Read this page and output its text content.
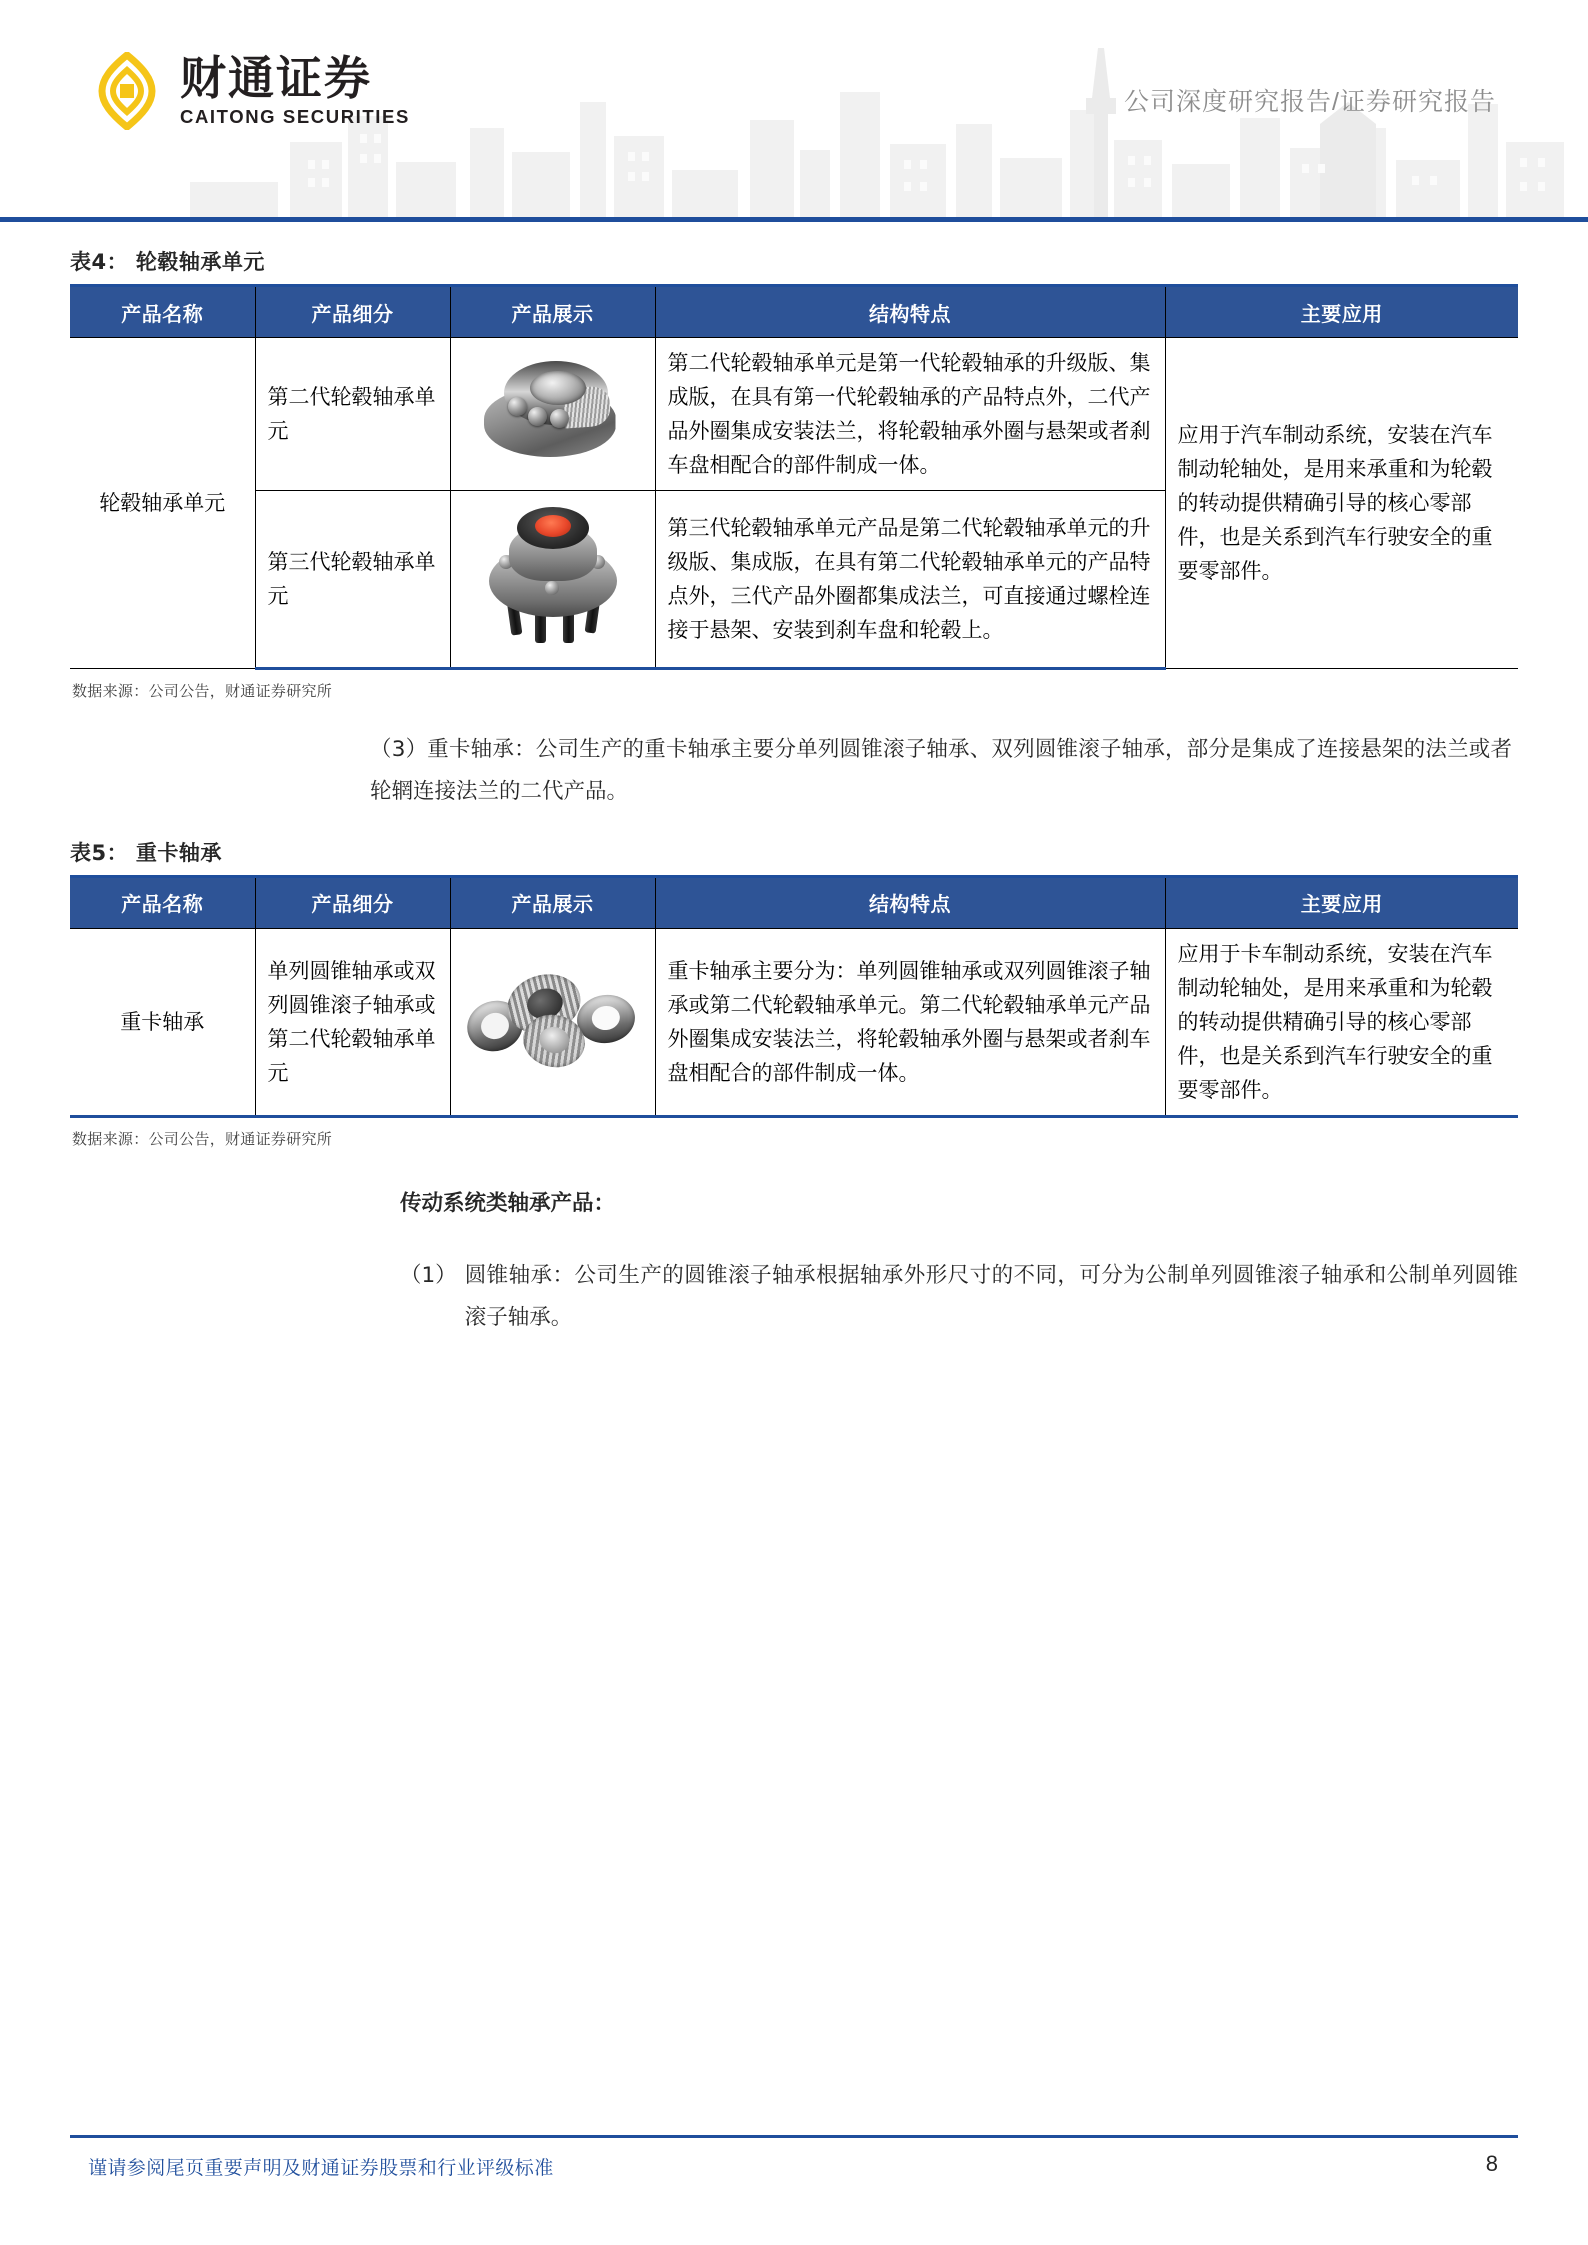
财通证券
CAITONG SECURITIES
公司深度研究报告/证券研究报告
表4： 轮毂轴承单元
产品名称	产品细分	产品展示	结构特点	主要应用
轮毂轴承单元	第二代轮毂轴承单元		第二代轮毂轴承单元是第一代轮毂轴承的升级版、集成版，在具有第一代轮毂轴承的产品特点外，二代产品外圈集成安装法兰，将轮毂轴承外圈与悬架或者刹车盘相配合的部件制成一体。	应用于汽车制动系统，安装在汽车制动轮轴处，是用来承重和为轮毂的转动提供精确引导的核心零部件，也是关系到汽车行驶安全的重要零部件。
	第三代轮毂轴承单元		第三代轮毂轴承单元产品是第二代轮毂轴承单元的升级版、集成版，在具有第二代轮毂轴承单元的产品特点外，三代产品外圈都集成法兰，可直接通过螺栓连接于悬架、安装到刹车盘和轮毂上。	
数据来源：公司公告，财通证券研究所
（3）重卡轴承：公司生产的重卡轴承主要分单列圆锥滚子轴承、双列圆锥滚子轴承，部分是集成了连接悬架的法兰或者轮辋连接法兰的二代产品。
表5： 重卡轴承
产品名称	产品细分	产品展示	结构特点	主要应用
重卡轴承	单列圆锥轴承或双列圆锥滚子轴承或第二代轮毂轴承单元		重卡轴承主要分为：单列圆锥轴承或双列圆锥滚子轴承或第二代轮毂轴承单元。第二代轮毂轴承单元产品外圈集成安装法兰，将轮毂轴承外圈与悬架或者刹车盘相配合的部件制成一体。	应用于卡车制动系统，安装在汽车制动轮轴处，是用来承重和为轮毂的转动提供精确引导的核心零部件，也是关系到汽车行驶安全的重要零部件。
数据来源：公司公告，财通证券研究所
传动系统类轴承产品：
（1） 圆锥轴承：公司生产的圆锥滚子轴承根据轴承外形尺寸的不同，可分为公制单列圆锥滚子轴承和公制单列圆锥滚子轴承。
谨请参阅尾页重要声明及财通证券股票和行业评级标准	8
